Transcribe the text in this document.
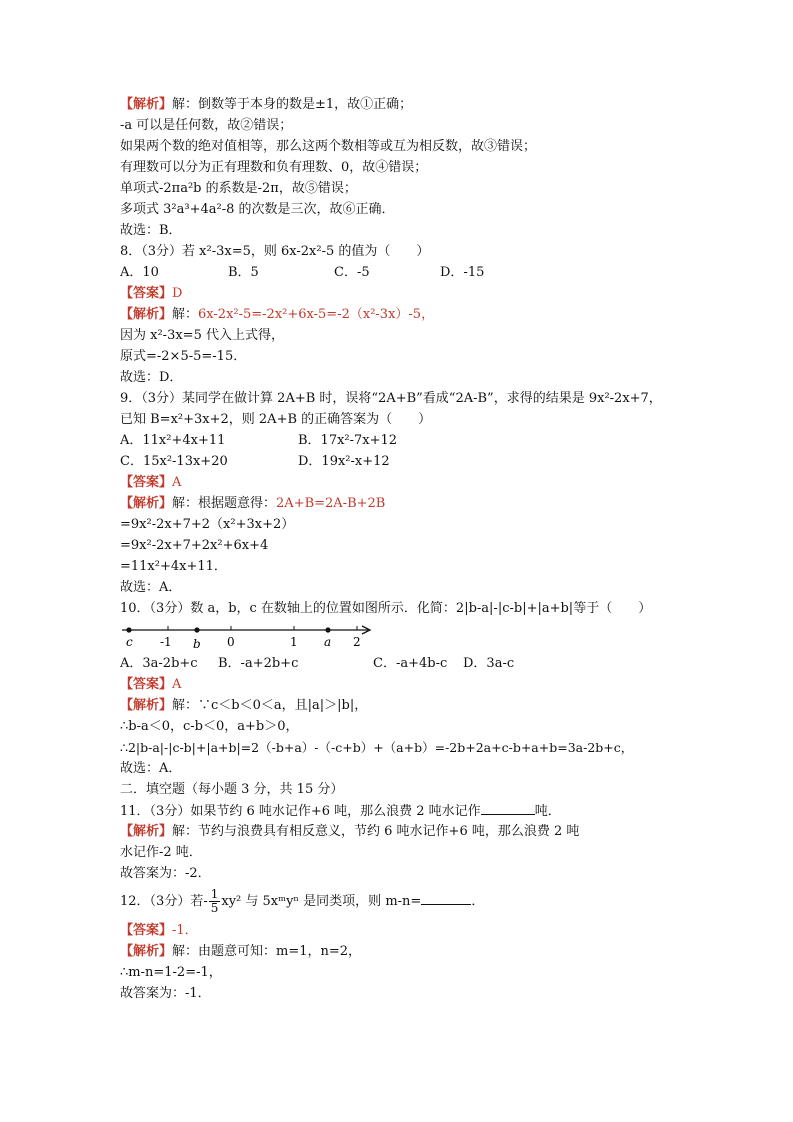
【解析】解：倒数等于本身的数是±1，故①正确；
-a 可以是任何数，故②错误；
如果两个数的绝对值相等，那么这两个数相等或互为相反数，故③错误；
有理数可以分为正有理数和负有理数、0，故④错误；
单项式-2πa²b 的系数是-2π，故⑤错误；
多项式 3²a³+4a²-8 的次数是三次，故⑥正确．
故选：B．
8．（3分）若 x²-3x=5，则 6x-2x²-5 的值为（　　）
A．10	B．5	C．-5	D．-15
【答案】D
【解析】解：6x-2x²-5=-2x²+6x-5=-2（x²-3x）-5，
因为 x²-3x=5 代入上式得，
原式=-2×5-5=-15．
故选：D．
9．（3分）某同学在做计算 2A+B 时，误将“2A+B”看成“2A-B”，求得的结果是 9x²-2x+7，
已知 B=x²+3x+2，则 2A+B 的正确答案为（　　）
A．11x²+4x+11	B．17x²-7x+12
C．15x²-13x+20	D．19x²-x+12
【答案】A
【解析】解：根据题意得：2A+B=2A-B+2B
=9x²-2x+7+2（x²+3x+2）
=9x²-2x+7+2x²+6x+4
=11x²+4x+11．
故选：A．
10．（3分）数 a，b，c 在数轴上的位置如图所示．化简：2|b-a|-|c-b|+|a+b|等于（　　）
c	b	a
-1	0	1	2
A．3a-2b+c	B．-a+2b+c	C．-a+4b-c	D．3a-c
【答案】A
【解析】解：∵c＜b＜0＜a，且|a|＞|b|，
∴b-a＜0，c-b＜0，a+b＞0，
∴2|b-a|-|c-b|+|a+b|=2（-b+a）-（-c+b）+（a+b）=-2b+2a+c-b+a+b=3a-2b+c，
故选：A．
二．填空题（每小题 3 分，共 15 分）
11．（3分）如果节约 6 吨水记作+6 吨，那么浪费 2 吨水记作	吨．
【解析】解：节约与浪费具有相反意义，节约 6 吨水记作+6 吨，那么浪费 2 吨
水记作-2 吨．
故答案为：-2．
12．（3分）若- $\frac{1}{5} xy^2$ 与 5xᵐyⁿ 是同类项，则 m-n=	．
【答案】-1．
【解析】解：由题意可知：m=1，n=2，
∴m-n=1-2=-1，
故答案为：-1．
